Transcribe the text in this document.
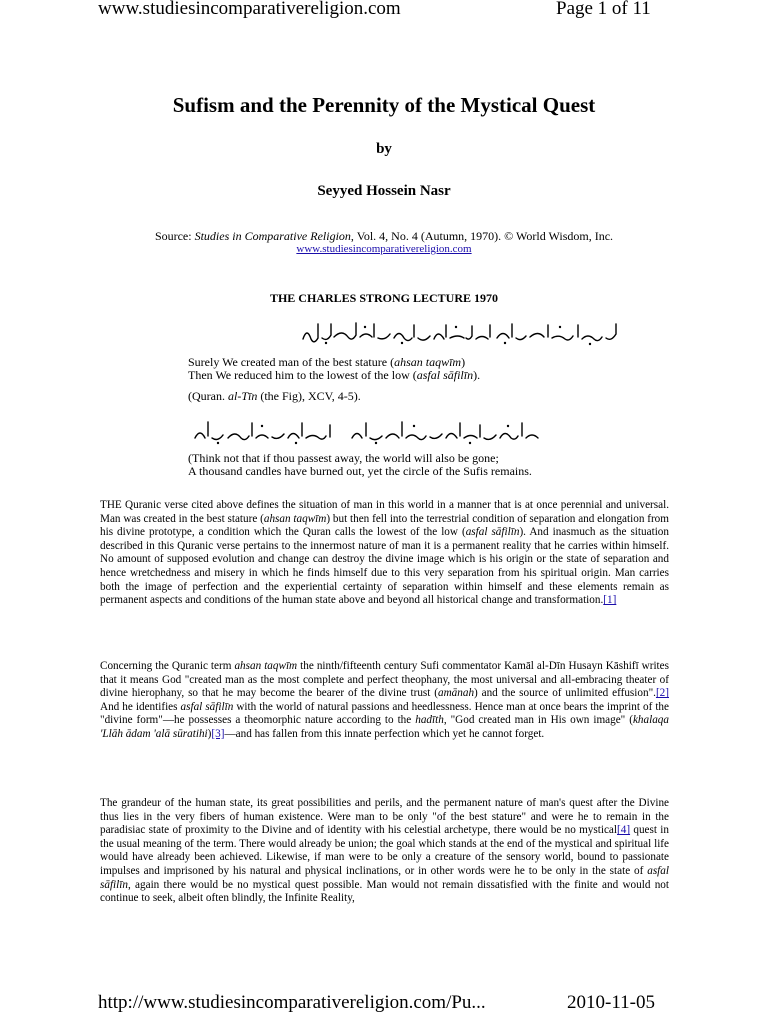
www.studiesincomparativereligion.com	Page 1 of 11
Sufism and the Perennity of the Mystical Quest
by
Seyyed Hossein Nasr
Source: Studies in Comparative Religion, Vol. 4, No. 4 (Autumn, 1970). © World Wisdom, Inc.
www.studiesincomparativereligion.com
THE CHARLES STRONG LECTURE 1970
Surely We created man of the best stature (ahsan taqwīm)
Then We reduced him to the lowest of the low (asfal sāfilīn).
(Quran. al-Tīn (the Fig), XCV, 4-5).
(Think not that if thou passest away, the world will also be gone;
A thousand candles have burned out, yet the circle of the Sufis remains.

THE Quranic verse cited above defines the situation of man in this world in a manner that is at once perennial and universal. Man was created in the best stature (ahsan taqwīm) but then fell into the terrestrial condition of separation and elongation from his divine prototype, a condition which the Quran calls the lowest of the low (asfal sāfilīn). And inasmuch as the situation described in this Quranic verse pertains to the innermost nature of man it is a permanent reality that he carries within himself. No amount of supposed evolution and change can destroy the divine image which is his origin or the state of separation and hence wretchedness and misery in which he finds himself due to this very separation from his spiritual origin. Man carries both the image of perfection and the experiential certainty of separation within himself and these elements remain as permanent aspects and conditions of the human state above and beyond all historical change and transformation.[1]

Concerning the Quranic term ahsan taqwīm the ninth/fifteenth century Sufi commentator Kamāl al-Dīn Husayn Kāshifī writes that it means God "created man as the most complete and perfect theophany, the most universal and all-embracing theater of divine hierophany, so that he may become the bearer of the divine trust (amānah) and the source of unlimited effusion".[2] And he identifies asfal sāfilīn with the world of natural passions and heedlessness. Hence man at once bears the imprint of the "divine form"—he possesses a theomorphic nature according to the hadīth, "God created man in His own image" (khalaqa 'Llāh ādam 'alā sūratihi)[3]—and has fallen from this innate perfection which yet he cannot forget.

The grandeur of the human state, its great possibilities and perils, and the permanent nature of man's quest after the Divine thus lies in the very fibers of human existence. Were man to be only "of the best stature" and were he to remain in the paradisiac state of proximity to the Divine and of identity with his celestial archetype, there would be no mystical[4] quest in the usual meaning of the term. There would already be union; the goal which stands at the end of the mystical and spiritual life would have already been achieved. Likewise, if man were to be only a creature of the sensory world, bound to passionate impulses and imprisoned by his natural and physical inclinations, or in other words were he to be only in the state of asfal sāfilīn, again there would be no mystical quest possible. Man would not remain dissatisfied with the finite and would not continue to seek, albeit often blindly, the Infinite Reality,

http://www.studiesincomparativereligion.com/Pu...	2010-11-05
